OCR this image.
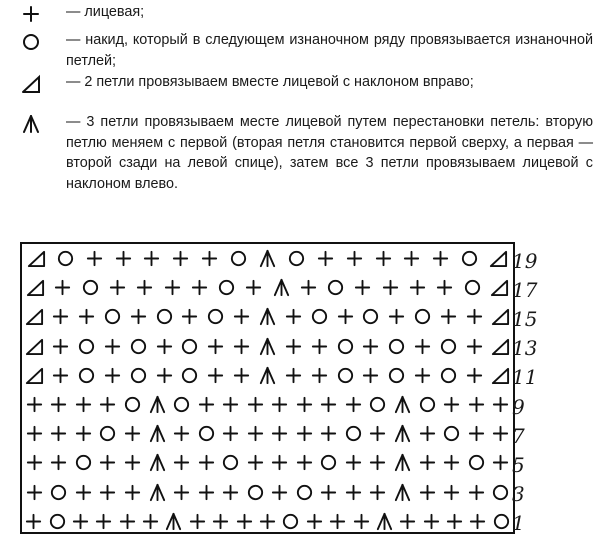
— лицевая;
— накид, который в следующем изнаночном ряду провязывается изнаночной петлей;
— 2 петли провязываем вместе лицевой с наклоном вправо;
— 3 петли провязываем месте лицевой путем перестановки петель: вторую петлю меняем с первой (вторая петля становится первой сверху, а первая — второй сзади на левой спице), затем все 3 петли провязываем лицевой с наклоном влево.
19
17
15
13
11
9
7
5
3
1
